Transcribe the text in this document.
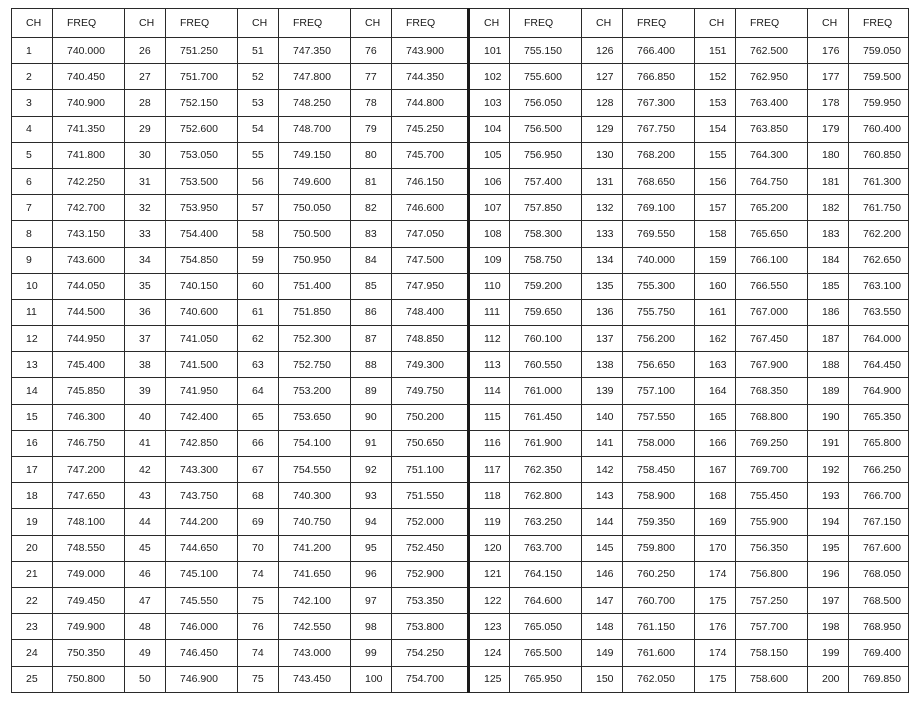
CH	FREQ	CH	FREQ	CH	FREQ	CH	FREQ	CH	FREQ	CH	FREQ	CH	FREQ	CH	FREQ
1	740.000	26	751.250	51	747.350	76	743.900	101	755.150	126	766.400	151	762.500	176	759.050
2	740.450	27	751.700	52	747.800	77	744.350	102	755.600	127	766.850	152	762.950	177	759.500
3	740.900	28	752.150	53	748.250	78	744.800	103	756.050	128	767.300	153	763.400	178	759.950
4	741.350	29	752.600	54	748.700	79	745.250	104	756.500	129	767.750	154	763.850	179	760.400
5	741.800	30	753.050	55	749.150	80	745.700	105	756.950	130	768.200	155	764.300	180	760.850
6	742.250	31	753.500	56	749.600	81	746.150	106	757.400	131	768.650	156	764.750	181	761.300
7	742.700	32	753.950	57	750.050	82	746.600	107	757.850	132	769.100	157	765.200	182	761.750
8	743.150	33	754.400	58	750.500	83	747.050	108	758.300	133	769.550	158	765.650	183	762.200
9	743.600	34	754.850	59	750.950	84	747.500	109	758.750	134	740.000	159	766.100	184	762.650
10	744.050	35	740.150	60	751.400	85	747.950	110	759.200	135	755.300	160	766.550	185	763.100
11	744.500	36	740.600	61	751.850	86	748.400	111	759.650	136	755.750	161	767.000	186	763.550
12	744.950	37	741.050	62	752.300	87	748.850	112	760.100	137	756.200	162	767.450	187	764.000
13	745.400	38	741.500	63	752.750	88	749.300	113	760.550	138	756.650	163	767.900	188	764.450
14	745.850	39	741.950	64	753.200	89	749.750	114	761.000	139	757.100	164	768.350	189	764.900
15	746.300	40	742.400	65	753.650	90	750.200	115	761.450	140	757.550	165	768.800	190	765.350
16	746.750	41	742.850	66	754.100	91	750.650	116	761.900	141	758.000	166	769.250	191	765.800
17	747.200	42	743.300	67	754.550	92	751.100	117	762.350	142	758.450	167	769.700	192	766.250
18	747.650	43	743.750	68	740.300	93	751.550	118	762.800	143	758.900	168	755.450	193	766.700
19	748.100	44	744.200	69	740.750	94	752.000	119	763.250	144	759.350	169	755.900	194	767.150
20	748.550	45	744.650	70	741.200	95	752.450	120	763.700	145	759.800	170	756.350	195	767.600
21	749.000	46	745.100	74	741.650	96	752.900	121	764.150	146	760.250	174	756.800	196	768.050
22	749.450	47	745.550	75	742.100	97	753.350	122	764.600	147	760.700	175	757.250	197	768.500
23	749.900	48	746.000	76	742.550	98	753.800	123	765.050	148	761.150	176	757.700	198	768.950
24	750.350	49	746.450	74	743.000	99	754.250	124	765.500	149	761.600	174	758.150	199	769.400
25	750.800	50	746.900	75	743.450	100	754.700	125	765.950	150	762.050	175	758.600	200	769.850
